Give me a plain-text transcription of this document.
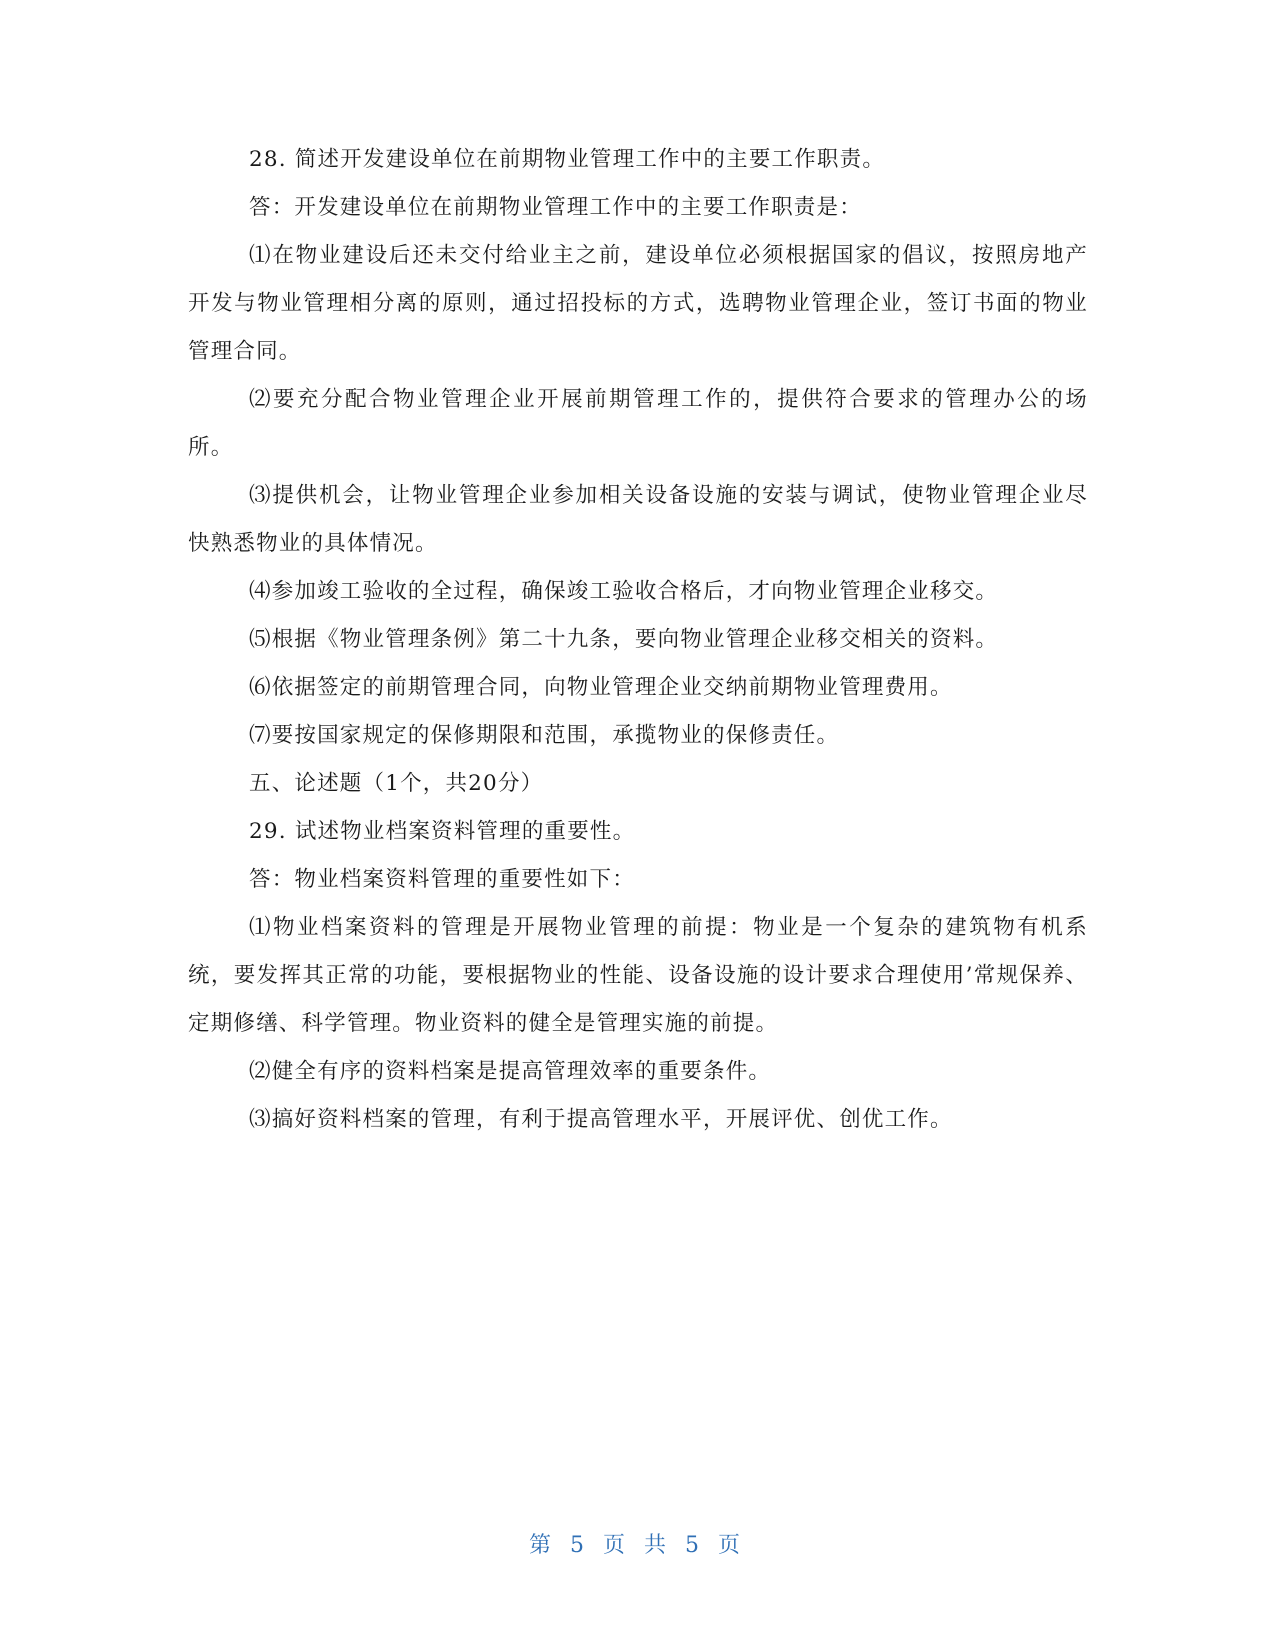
28. 简述开发建设单位在前期物业管理工作中的主要工作职责。

答：开发建设单位在前期物业管理工作中的主要工作职责是：

⑴在物业建设后还未交付给业主之前，建设单位必须根据国家的倡议，按照房地产开发与物业管理相分离的原则，通过招投标的方式，选聘物业管理企业，签订书面的物业管理合同。

⑵要充分配合物业管理企业开展前期管理工作的，提供符合要求的管理办公的场所。

⑶提供机会，让物业管理企业参加相关设备设施的安装与调试，使物业管理企业尽快熟悉物业的具体情况。

⑷参加竣工验收的全过程，确保竣工验收合格后，才向物业管理企业移交。

⑸根据《物业管理条例》第二十九条，要向物业管理企业移交相关的资料。

⑹依据签定的前期管理合同，向物业管理企业交纳前期物业管理费用。

⑺要按国家规定的保修期限和范围，承揽物业的保修责任。

五、论述题（1个，共20分）

29. 试述物业档案资料管理的重要性。

答：物业档案资料管理的重要性如下：

⑴物业档案资料的管理是开展物业管理的前提：物业是一个复杂的建筑物有机系统，要发挥其正常的功能，要根据物业的性能、设备设施的设计要求合理使用’常规保养、定期修缮、科学管理。物业资料的健全是管理实施的前提。

⑵健全有序的资料档案是提高管理效率的重要条件。

⑶搞好资料档案的管理，有利于提高管理水平，开展评优、创优工作。

第 5 页 共 5 页
